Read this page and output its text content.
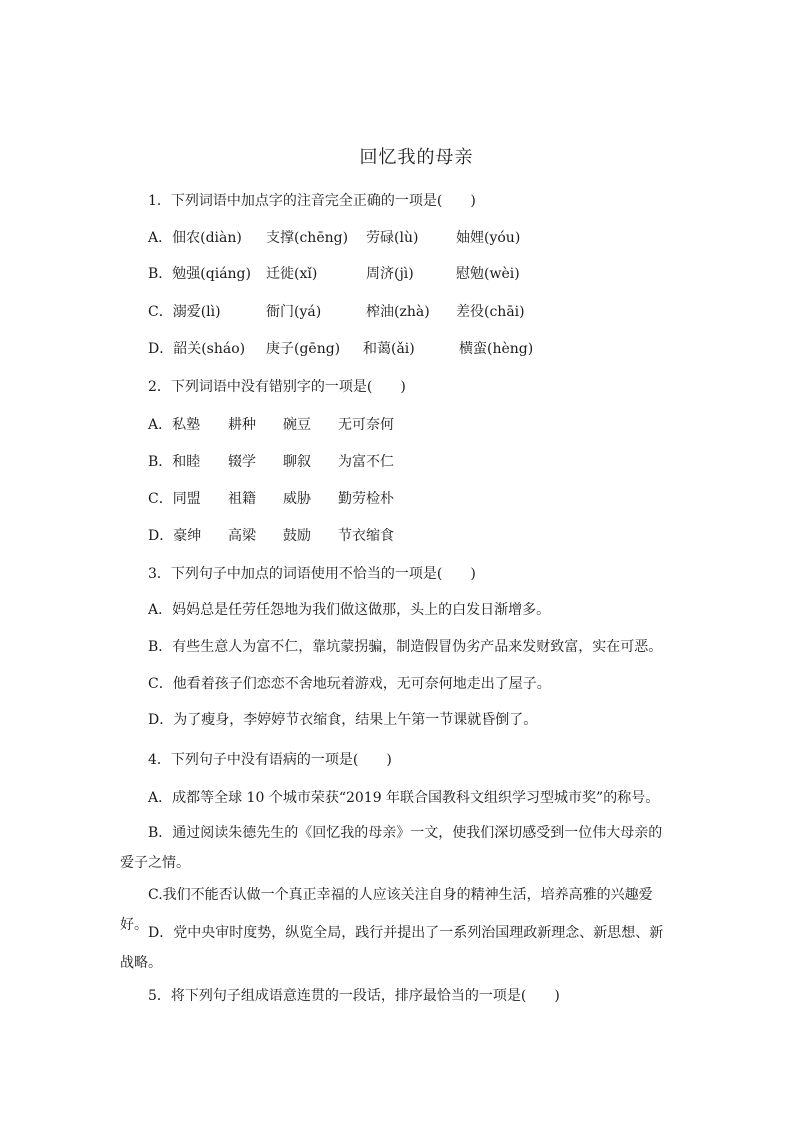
回忆我的母亲
1．下列词语中加点字的注音完全正确的一项是(　　)
A．佃农(diàn) 支撑(chēng) 劳碌(lù)	妯娌(yóu)
B．勉强(qiáng) 迁徙(xǐ)	周济(jì)	慰勉(wèi)
C．溺爱(lì)	衙门(yá)	榨油(zhà) 差役(chāi)
D．韶关(sháo) 庚子(gēng) 和蔼(ǎi)	横蛮(hèng)
2．下列词语中没有错别字的一项是(　　)
A．私塾 耕种 碗豆 无可奈何
B．和睦 辍学 聊叙 为富不仁
C．同盟 祖籍 威胁 勤劳检朴
D．豪绅 高梁 鼓励 节衣缩食
3．下列句子中加点的词语使用不恰当的一项是(　　)
A．妈妈总是任劳任怨地为我们做这做那，头上的白发日渐增多。
B．有些生意人为富不仁，靠坑蒙拐骗，制造假冒伪劣产品来发财致富，实在可恶。
C．他看着孩子们恋恋不舍地玩着游戏，无可奈何地走出了屋子。
D．为了瘦身，李婷婷节衣缩食，结果上午第一节课就昏倒了。
4．下列句子中没有语病的一项是(　　)
A．成都等全球 10 个城市荣获“2019 年联合国教科文组织学习型城市奖”的称号。
B．通过阅读朱德先生的《回忆我的母亲》一文，使我们深切感受到一位伟大母亲的爱子之情。
C.我们不能否认做一个真正幸福的人应该关注自身的精神生活，培养高雅的兴趣爱好。 D．党中央审时度势，纵览全局，践行并提出了一系列治国理政新理念、新思想、新战略。
5．将下列句子组成语意连贯的一段话，排序最恰当的一项是(　　)
